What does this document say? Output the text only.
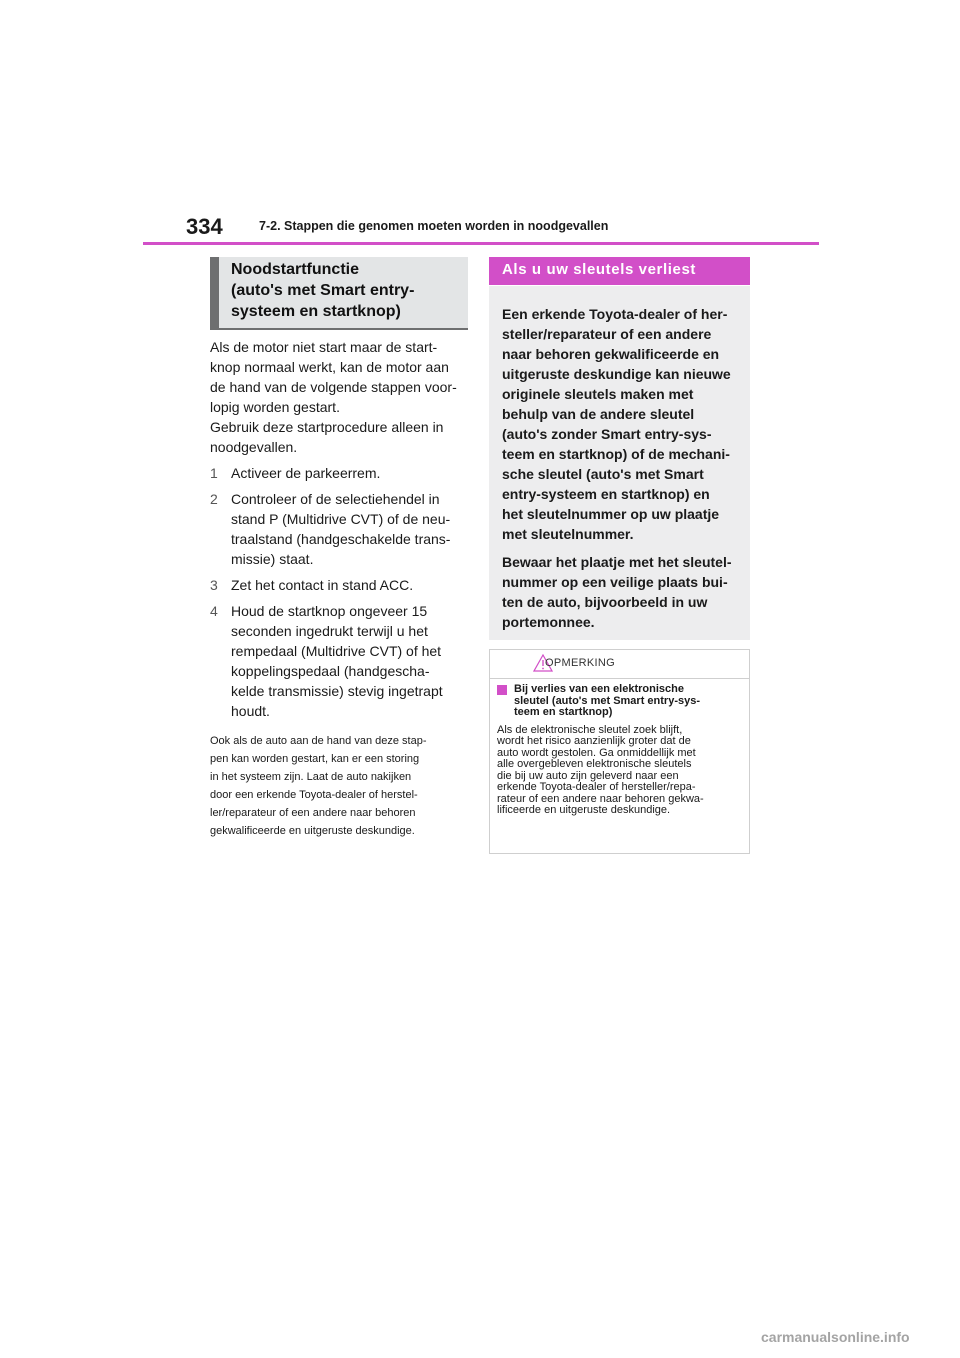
334	7-2. Stappen die genomen moeten worden in noodgevallen
Noodstartfunctie
(auto's met Smart entry-
systeem en startknop)

Als de motor niet start maar de start-
knop normaal werkt, kan de motor aan
de hand van de volgende stappen voor-
lopig worden gestart.
Gebruik deze startprocedure alleen in
noodgevallen.

1 Activeer de parkeerrem.
2 Controleer of de selectiehendel in
stand P (Multidrive CVT) of de neu-
traalstand (handgeschakelde trans-
missie) staat.
3 Zet het contact in stand ACC.
4 Houd de startknop ongeveer 15
seconden ingedrukt terwijl u het
rempedaal (Multidrive CVT) of het
koppelingspedaal (handgescha-
kelde transmissie) stevig ingetrapt
houdt.
Ook als de auto aan de hand van deze stap-
pen kan worden gestart, kan er een storing
in het systeem zijn. Laat de auto nakijken
door een erkende Toyota-dealer of herstel-
ler/reparateur of een andere naar behoren
gekwalificeerde en uitgeruste deskundige.
Als u uw sleutels verliest

Een erkende Toyota-dealer of her-
steller/reparateur of een andere
naar behoren gekwalificeerde en
uitgeruste deskundige kan nieuwe
originele sleutels maken met
behulp van de andere sleutel
(auto's zonder Smart entry-sys-
teem en startknop) of de mechani-
sche sleutel (auto's met Smart
entry-systeem en startknop) en
het sleutelnummer op uw plaatje
met sleutelnummer.

Bewaar het plaatje met het sleutel-
nummer op een veilige plaats bui-
ten de auto, bijvoorbeeld in uw
portemonnee.

OPMERKING
Bij verlies van een elektronische
sleutel (auto's met Smart entry-sys-
teem en startknop)
Als de elektronische sleutel zoek blijft,
wordt het risico aanzienlijk groter dat de
auto wordt gestolen. Ga onmiddellijk met
alle overgebleven elektronische sleutels
die bij uw auto zijn geleverd naar een
erkende Toyota-dealer of hersteller/repa-
rateur of een andere naar behoren gekwa-
lificeerde en uitgeruste deskundige.
carmanualsonline.info
